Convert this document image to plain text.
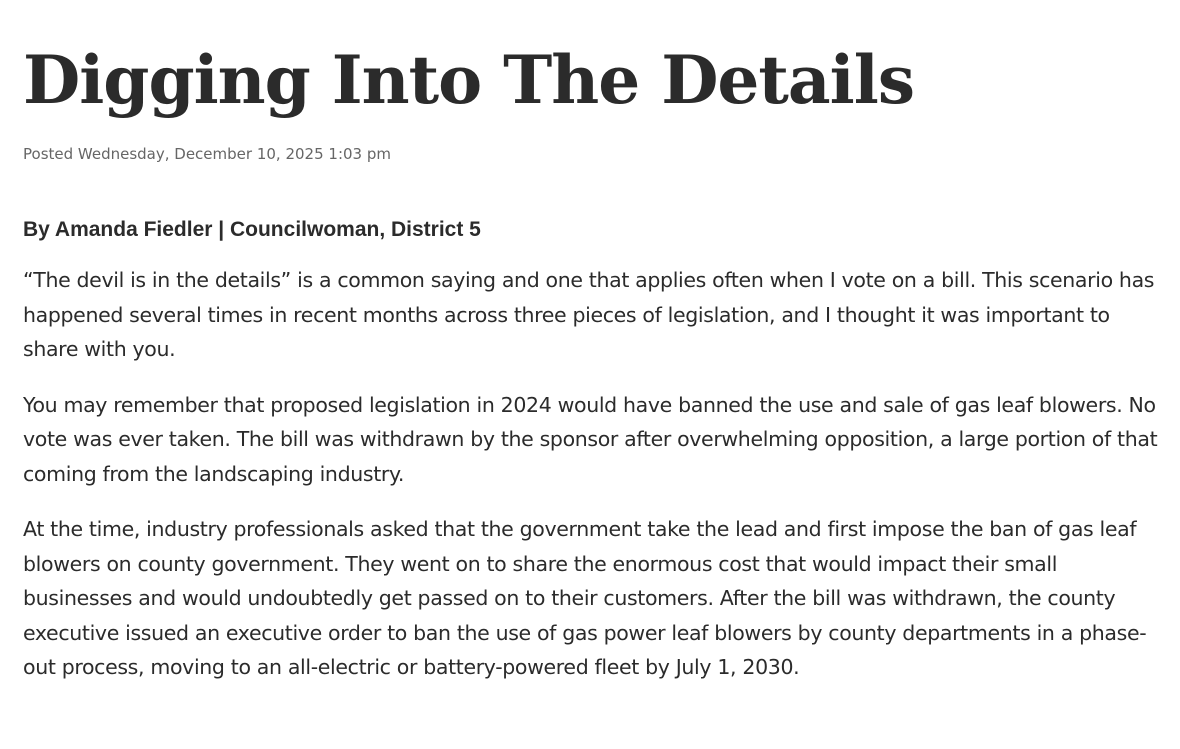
Digging Into The Details
Posted Wednesday, December 10, 2025 1:03 pm
By Amanda Fiedler | Councilwoman, District 5

“The devil is in the details” is a common saying and one that applies often when I vote on a bill. This scenario has happened several times in recent months across three pieces of legislation, and I thought it was important to share with you.

You may remember that proposed legislation in 2024 would have banned the use and sale of gas leaf blowers. No vote was ever taken. The bill was withdrawn by the sponsor after overwhelming opposition, a large portion of that coming from the landscaping industry.

At the time, industry professionals asked that the government take the lead and first impose the ban of gas leaf blowers on county government. They went on to share the enormous cost that would impact their small businesses and would undoubtedly get passed on to their customers. After the bill was withdrawn, the county executive issued an executive order to ban the use of gas power leaf blowers by county departments in a phase-out process, moving to an all-electric or battery-powered fleet by July 1, 2030.
